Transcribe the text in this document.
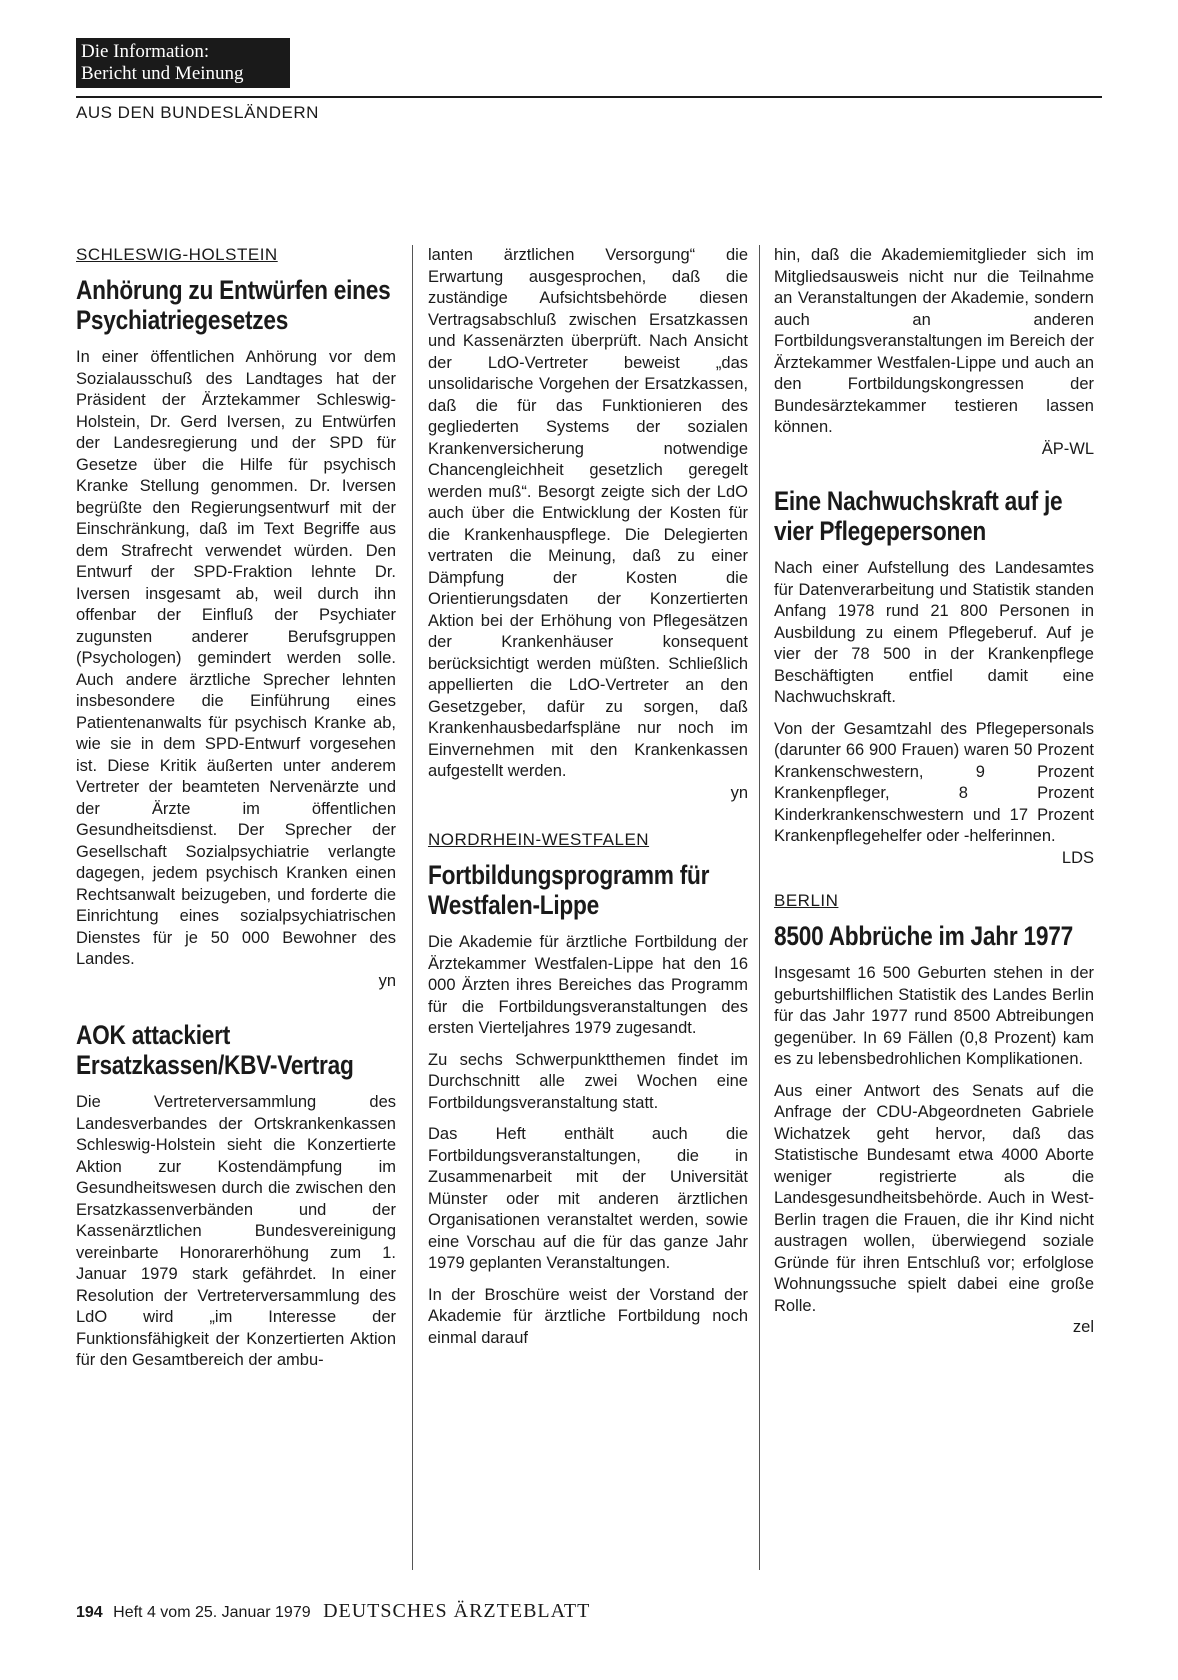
Die Information:
Bericht und Meinung
AUS DEN BUNDESLÄNDERN
SCHLESWIG-HOLSTEIN
Anhörung zu Entwürfen eines Psychiatriegesetzes

In einer öffentlichen Anhörung vor dem Sozialausschuß des Landtages hat der Präsident der Ärztekammer Schleswig-Holstein, Dr. Gerd Iversen, zu Entwürfen der Landesregierung und der SPD für Gesetze über die Hilfe für psychisch Kranke Stellung genommen. Dr. Iversen begrüßte den Regierungsentwurf mit der Einschränkung, daß im Text Begriffe aus dem Strafrecht verwendet würden. Den Entwurf der SPD-Fraktion lehnte Dr. Iversen insgesamt ab, weil durch ihn offenbar der Einfluß der Psychiater zugunsten anderer Berufsgruppen (Psychologen) gemindert werden solle. Auch andere ärztliche Sprecher lehnten insbesondere die Einführung eines Patientenanwalts für psychisch Kranke ab, wie sie in dem SPD-Entwurf vorgesehen ist. Diese Kritik äußerten unter anderem Vertreter der beamteten Nervenärzte und der Ärzte im öffentlichen Gesundheitsdienst. Der Sprecher der Gesellschaft Sozialpsychiatrie verlangte dagegen, jedem psychisch Kranken einen Rechtsanwalt beizugeben, und forderte die Einrichtung eines sozialpsychiatrischen Dienstes für je 50 000 Bewohner des Landes.
yn

AOK attackiert Ersatzkassen/KBV-Vertrag

Die Vertreterversammlung des Landesverbandes der Ortskrankenkassen Schleswig-Holstein sieht die Konzertierte Aktion zur Kostendämpfung im Gesundheitswesen durch die zwischen den Ersatzkassenverbänden und der Kassenärztlichen Bundesvereinigung vereinbarte Honorarerhöhung zum 1. Januar 1979 stark gefährdet. In einer Resolution der Vertreterversammlung des LdO wird „im Interesse der Funktionsfähigkeit der Konzertierten Aktion für den Gesamtbereich der ambu-

lanten ärztlichen Versorgung“ die Erwartung ausgesprochen, daß die zuständige Aufsichtsbehörde diesen Vertragsabschluß zwischen Ersatzkassen und Kassenärzten überprüft. Nach Ansicht der LdO-Vertreter beweist „das unsolidarische Vorgehen der Ersatzkassen, daß die für das Funktionieren des gegliederten Systems der sozialen Krankenversicherung notwendige Chancengleichheit gesetzlich geregelt werden muß“. Besorgt zeigte sich der LdO auch über die Entwicklung der Kosten für die Krankenhauspflege. Die Delegierten vertraten die Meinung, daß zu einer Dämpfung der Kosten die Orientierungsdaten der Konzertierten Aktion bei der Erhöhung von Pflegesätzen der Krankenhäuser konsequent berücksichtigt werden müßten. Schließlich appellierten die LdO-Vertreter an den Gesetzgeber, dafür zu sorgen, daß Krankenhausbedarfspläne nur noch im Einvernehmen mit den Krankenkassen aufgestellt werden.
yn

NORDRHEIN-WESTFALEN
Fortbildungsprogramm für Westfalen-Lippe

Die Akademie für ärztliche Fortbildung der Ärztekammer Westfalen-Lippe hat den 16 000 Ärzten ihres Bereiches das Programm für die Fortbildungsveranstaltungen des ersten Vierteljahres 1979 zugesandt.

Zu sechs Schwerpunktthemen findet im Durchschnitt alle zwei Wochen eine Fortbildungsveranstaltung statt.

Das Heft enthält auch die Fortbildungsveranstaltungen, die in Zusammenarbeit mit der Universität Münster oder mit anderen ärztlichen Organisationen veranstaltet werden, sowie eine Vorschau auf die für das ganze Jahr 1979 geplanten Veranstaltungen.

In der Broschüre weist der Vorstand der Akademie für ärztliche Fortbildung noch einmal darauf

hin, daß die Akademiemitglieder sich im Mitgliedsausweis nicht nur die Teilnahme an Veranstaltungen der Akademie, sondern auch an anderen Fortbildungsveranstaltungen im Bereich der Ärztekammer Westfalen-Lippe und auch an den Fortbildungskongressen der Bundesärztekammer testieren lassen können.
ÄP-WL

Eine Nachwuchskraft auf je vier Pflegepersonen

Nach einer Aufstellung des Landesamtes für Datenverarbeitung und Statistik standen Anfang 1978 rund 21 800 Personen in Ausbildung zu einem Pflegeberuf. Auf je vier der 78 500 in der Krankenpflege Beschäftigten entfiel damit eine Nachwuchskraft.

Von der Gesamtzahl des Pflegepersonals (darunter 66 900 Frauen) waren 50 Prozent Krankenschwestern, 9 Prozent Krankenpfleger, 8 Prozent Kinderkrankenschwestern und 17 Prozent Krankenpflegehelfer oder -helferinnen.
LDS

BERLIN
8500 Abbrüche im Jahr 1977

Insgesamt 16 500 Geburten stehen in der geburtshilflichen Statistik des Landes Berlin für das Jahr 1977 rund 8500 Abtreibungen gegenüber. In 69 Fällen (0,8 Prozent) kam es zu lebensbedrohlichen Komplikationen.

Aus einer Antwort des Senats auf die Anfrage der CDU-Abgeordneten Gabriele Wichatzek geht hervor, daß das Statistische Bundesamt etwa 4000 Aborte weniger registrierte als die Landesgesundheitsbehörde. Auch in West-Berlin tragen die Frauen, die ihr Kind nicht austragen wollen, überwiegend soziale Gründe für ihren Entschluß vor; erfolglose Wohnungssuche spielt dabei eine große Rolle.
zel

194 Heft 4 vom 25. Januar 1979 DEUTSCHES ÄRZTEBLATT
